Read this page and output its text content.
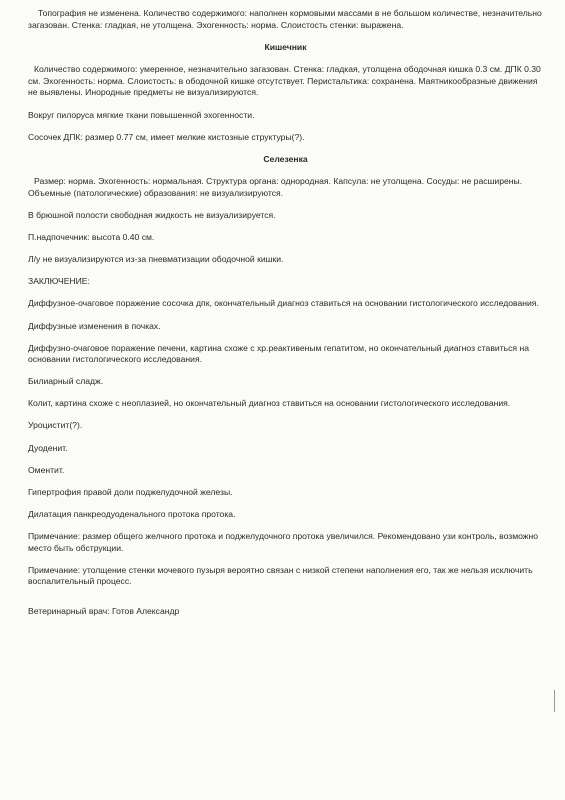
Топография не изменена. Количество содержимого: наполнен кормовыми массами в не большом количестве, незначительно загазован. Стенка: гладкая, не утолщена. Эхогенность: норма. Слоистость стенки: выражена.

Кишечник

Количество содержимого: умеренное, незначительно загазован. Стенка: гладкая, утолщена ободочная кишка 0.3 см. ДПК 0.30 см. Эхогенность: норма. Слоистость: в ободочной кишке отсутствует. Перистальтика: сохранена. Маятникообразные движения не выявлены. Инородные предметы не визуализируются.

Вокруг пилоруса мягкие ткани повышенной эхогенности.

Сосочек ДПК: размер 0.77 см, имеет мелкие кистозные структуры(?).

Селезенка

Размер: норма. Эхогенность: нормальная. Структура органа: однородная. Капсула: не утолщена. Сосуды: не расширены. Объемные (патологические) образования: не визуализируются.

В брюшной полости свободная жидкость не визуализируется.

П.надпочечник: высота 0.40 см.

Л/у не визуализируются из-за пневматизации ободочной кишки.

ЗАКЛЮЧЕНИЕ:

Диффузное-очаговое поражение сосочка дпк, окончательный диагноз ставиться на основании гистологического исследования.

Диффузные изменения в почках.

Диффузно-очаговое поражение печени, картина схоже с хр.реактивеным гепатитом, но окончательный диагноз ставиться на основании гистологического исследования.

Билиарный сладж.

Колит, картина схоже с неоплазией, но окончательный диагноз ставиться на основании гистологического исследования.

Уроцистит(?).

Дуоденит.

Оментит.

Гипертрофия правой доли поджелудочной железы.

Дилатация панкреодуоденального протока протока.

Примечание: размер общего желчного протока и поджелудочного протока увеличился. Рекомендовано узи контроль, возможно место быть обструкции.

Примечание: утолщение стенки мочевого пузыря вероятно связан с низкой степени наполнения его, так же нельзя исключить воспалительный процесс.

Ветеринарный врач: Готов Александр
